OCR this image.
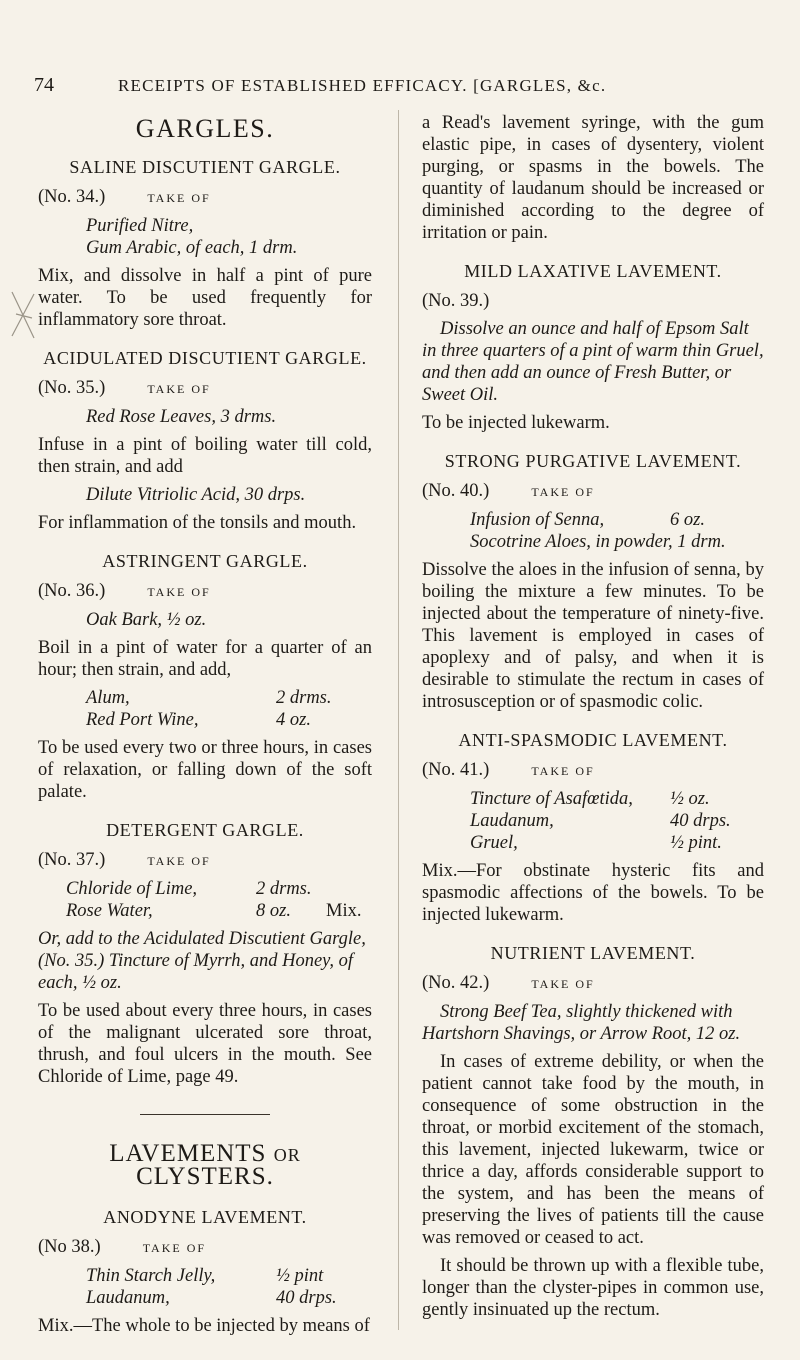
74	RECEIPTS OF ESTABLISHED EFFICACY. [GARGLES, &c.
GARGLES.
SALINE DISCUTIENT GARGLE.
(No. 34.)	TAKE OF
Purified Nitre,
Gum Arabic, of each, 1 drm.

Mix, and dissolve in half a pint of pure water. To be used frequently for inflammatory sore throat.

ACIDULATED DISCUTIENT GARGLE.
(No. 35.)	TAKE OF
Red Rose Leaves, 3 drms.

Infuse in a pint of boiling water till cold, then strain, and add

Dilute Vitriolic Acid, 30 drps.

For inflammation of the tonsils and mouth.

ASTRINGENT GARGLE.
(No. 36.)	TAKE OF
Oak Bark, ½ oz.

Boil in a pint of water for a quarter of an hour; then strain, and add,

Alum,	2 drms.
Red Port Wine,	4 oz.

To be used every two or three hours, in cases of relaxation, or falling down of the soft palate.

DETERGENT GARGLE.
(No. 37.)	TAKE OF
Chloride of Lime,	2 drms.
Rose Water,	8 oz.	Mix.

Or, add to the Acidulated Discutient Gargle, (No. 35.) Tincture of Myrrh, and Honey, of each, ½ oz.

To be used about every three hours, in cases of the malignant ulcerated sore throat, thrush, and foul ulcers in the mouth. See Chloride of Lime, page 49.

LAVEMENTS OR CLYSTERS.
ANODYNE LAVEMENT.
(No 38.)	TAKE OF
Thin Starch Jelly,	½ pint
Laudanum,	40 drps.

Mix.—The whole to be injected by means of

a Read's lavement syringe, with the gum elastic pipe, in cases of dysentery, violent purging, or spasms in the bowels. The quantity of laudanum should be increased or diminished according to the degree of irritation or pain.

MILD LAXATIVE LAVEMENT.
(No. 39.)

Dissolve an ounce and half of Epsom Salt in three quarters of a pint of warm thin Gruel, and then add an ounce of Fresh Butter, or Sweet Oil.

To be injected lukewarm.

STRONG PURGATIVE LAVEMENT.
(No. 40.)	TAKE OF
Infusion of Senna,	6 oz.
Socotrine Aloes, in powder, 1 drm.

Dissolve the aloes in the infusion of senna, by boiling the mixture a few minutes. To be injected about the temperature of ninety-five. This lavement is employed in cases of apoplexy and of palsy, and when it is desirable to stimulate the rectum in cases of introsusception or of spasmodic colic.

ANTI-SPASMODIC LAVEMENT.
(No. 41.)	TAKE OF
Tincture of Asafœtida,	½ oz.
Laudanum,	40 drps.
Gruel,	½ pint.

Mix.—For obstinate hysteric fits and spasmodic affections of the bowels. To be injected lukewarm.

NUTRIENT LAVEMENT.
(No. 42.)	TAKE OF

Strong Beef Tea, slightly thickened with Hartshorn Shavings, or Arrow Root, 12 oz.

In cases of extreme debility, or when the patient cannot take food by the mouth, in consequence of some obstruction in the throat, or morbid excitement of the stomach, this lavement, injected lukewarm, twice or thrice a day, affords considerable support to the system, and has been the means of preserving the lives of patients till the cause was removed or ceased to act.

It should be thrown up with a flexible tube, longer than the clyster-pipes in common use, gently insinuated up the rectum.
